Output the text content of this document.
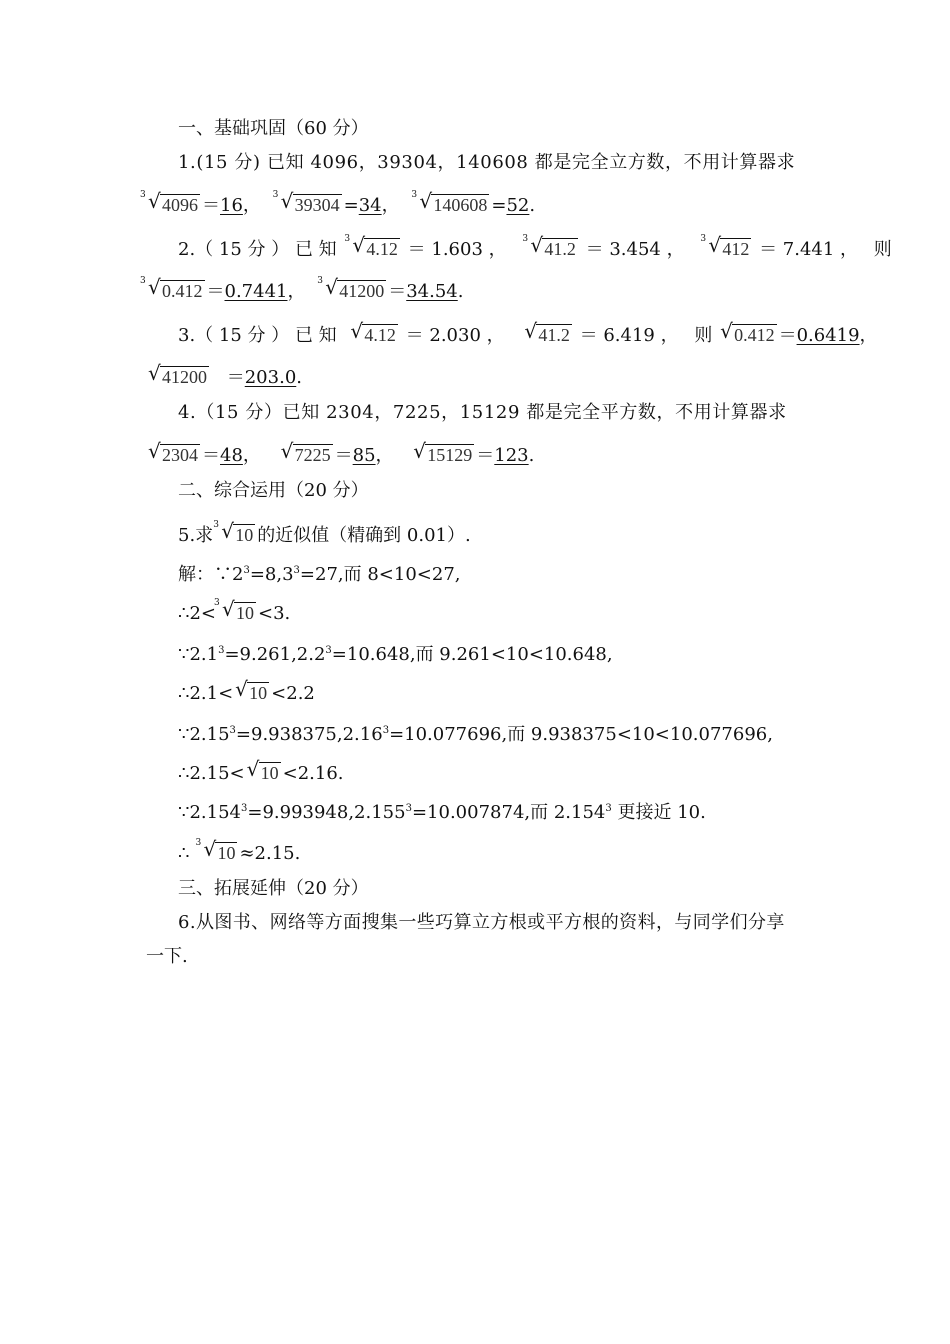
一、基础巩固（60 分）
1.(15 分) 已知 4096，39304，140608 都是完全立方数，不用计算器求
3 √ 4096 ＝16， 3 √ 39304 =34， 3 √ 140608 =52.
2.（ 15 分 ） 已 知 3 √ 4.12 ＝ 1.603 ， 3 √ 41.2 ＝ 3.454 ， 3 √ 412 ＝ 7.441 ， 则
3 √ 0.412 ＝0.7441， 3 √ 41200 ＝34.54.
3.（ 15 分 ） 已 知 √ 4.12 ＝ 2.030 ， √ 41.2 ＝ 6.419 ， 则 √ 0.412 ＝0.6419，
√ 41200 ＝203.0.
4.（15 分）已知 2304，7225，15129 都是完全平方数，不用计算器求
√ 2304 ＝48， √ 7225 ＝85， √ 15129 ＝123.
二、综合运用（20 分）
5.求 3 √ 10 的近似值（精确到 0.01）.
解：$\because 2^3=8,3^3=27$,而 8<10<27,
∴2<
3 √ 10 <3.
$\because 2.1^3=9.261,2.2^3=10.648$,而 9.261<10<10.648,
∴2.1< √ 10 <2.2
$\because 2.15^3=9.938375,2.16^3=10.077696$,而 9.938375<10<10.077696,
∴2.15< √ 10 <2.16.
$\because 2.154^3=9.993948,2.155^3=10.007874$,而 2.154$^3$ 更接近 10.
∴ 3 √ 10 ≈2.15.
三、拓展延伸（20 分）
6.从图书、网络等方面搜集一些巧算立方根或平方根的资料，与同学们分享
一下.
